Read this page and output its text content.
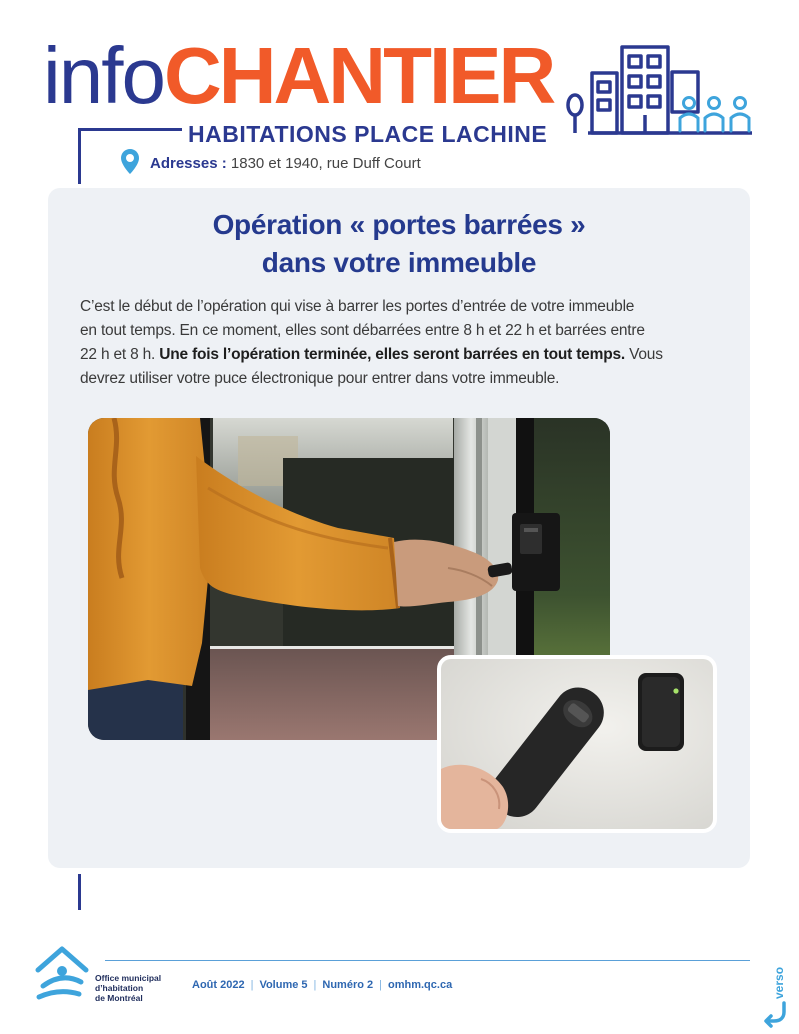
infoCHANTIER
HABITATIONS PLACE LACHINE
Adresses : 1830 et 1940, rue Duff Court
Opération « portes barrées »
dans votre immeuble
C’est le début de l’opération qui vise à barrer les portes d’entrée de votre immeuble
en tout temps. En ce moment, elles sont débarrées entre 8 h et 22 h et barrées entre
22 h et 8 h. Une fois l’opération terminée, elles seront barrées en tout temps. Vous
devrez utiliser votre puce électronique pour entrer dans votre immeuble.
Office municipal
d’habitation
de Montréal
Août 2022 | Volume 5 | Numéro 2 | omhm.qc.ca	verso
